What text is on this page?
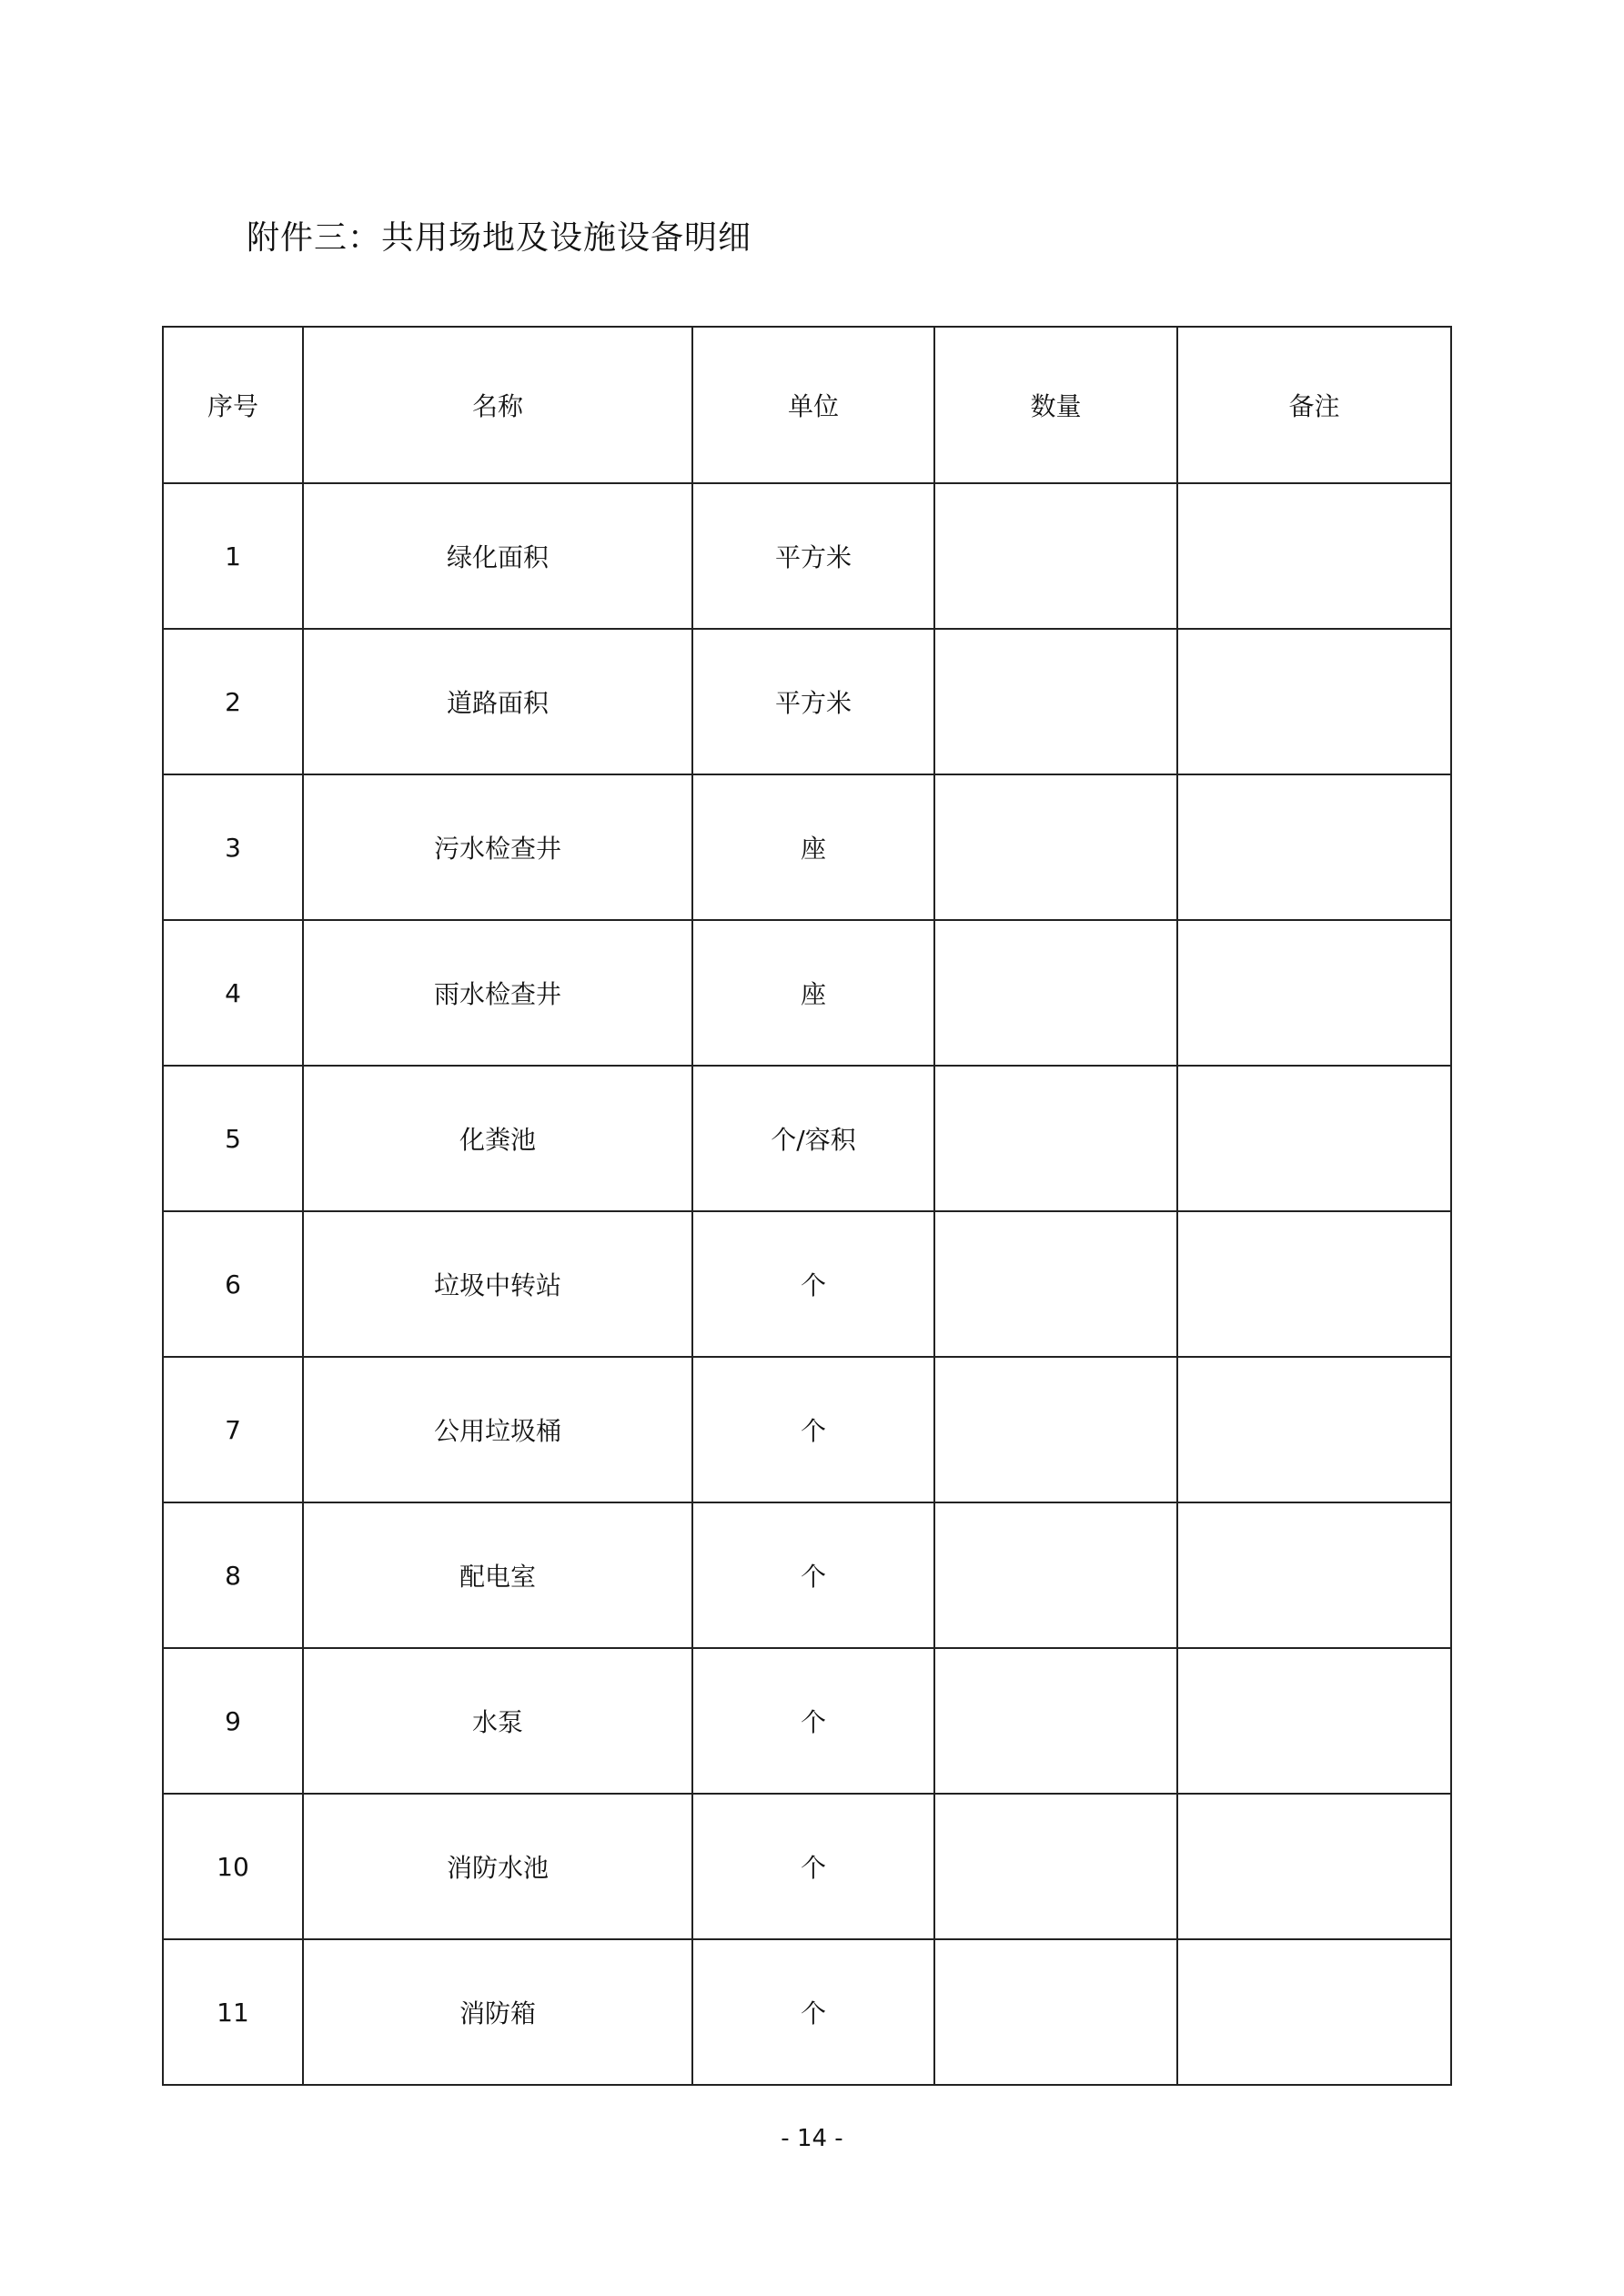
附件三：共用场地及设施设备明细
序号	名称	单位	数量	备注
1	绿化面积	平方米		
2	道路面积	平方米		
3	污水检查井	座		
4	雨水检查井	座		
5	化粪池	个/容积		
6	垃圾中转站	个		
7	公用垃圾桶	个		
8	配电室	个		
9	水泵	个		
10	消防水池	个		
11	消防箱	个		
- 14 -
